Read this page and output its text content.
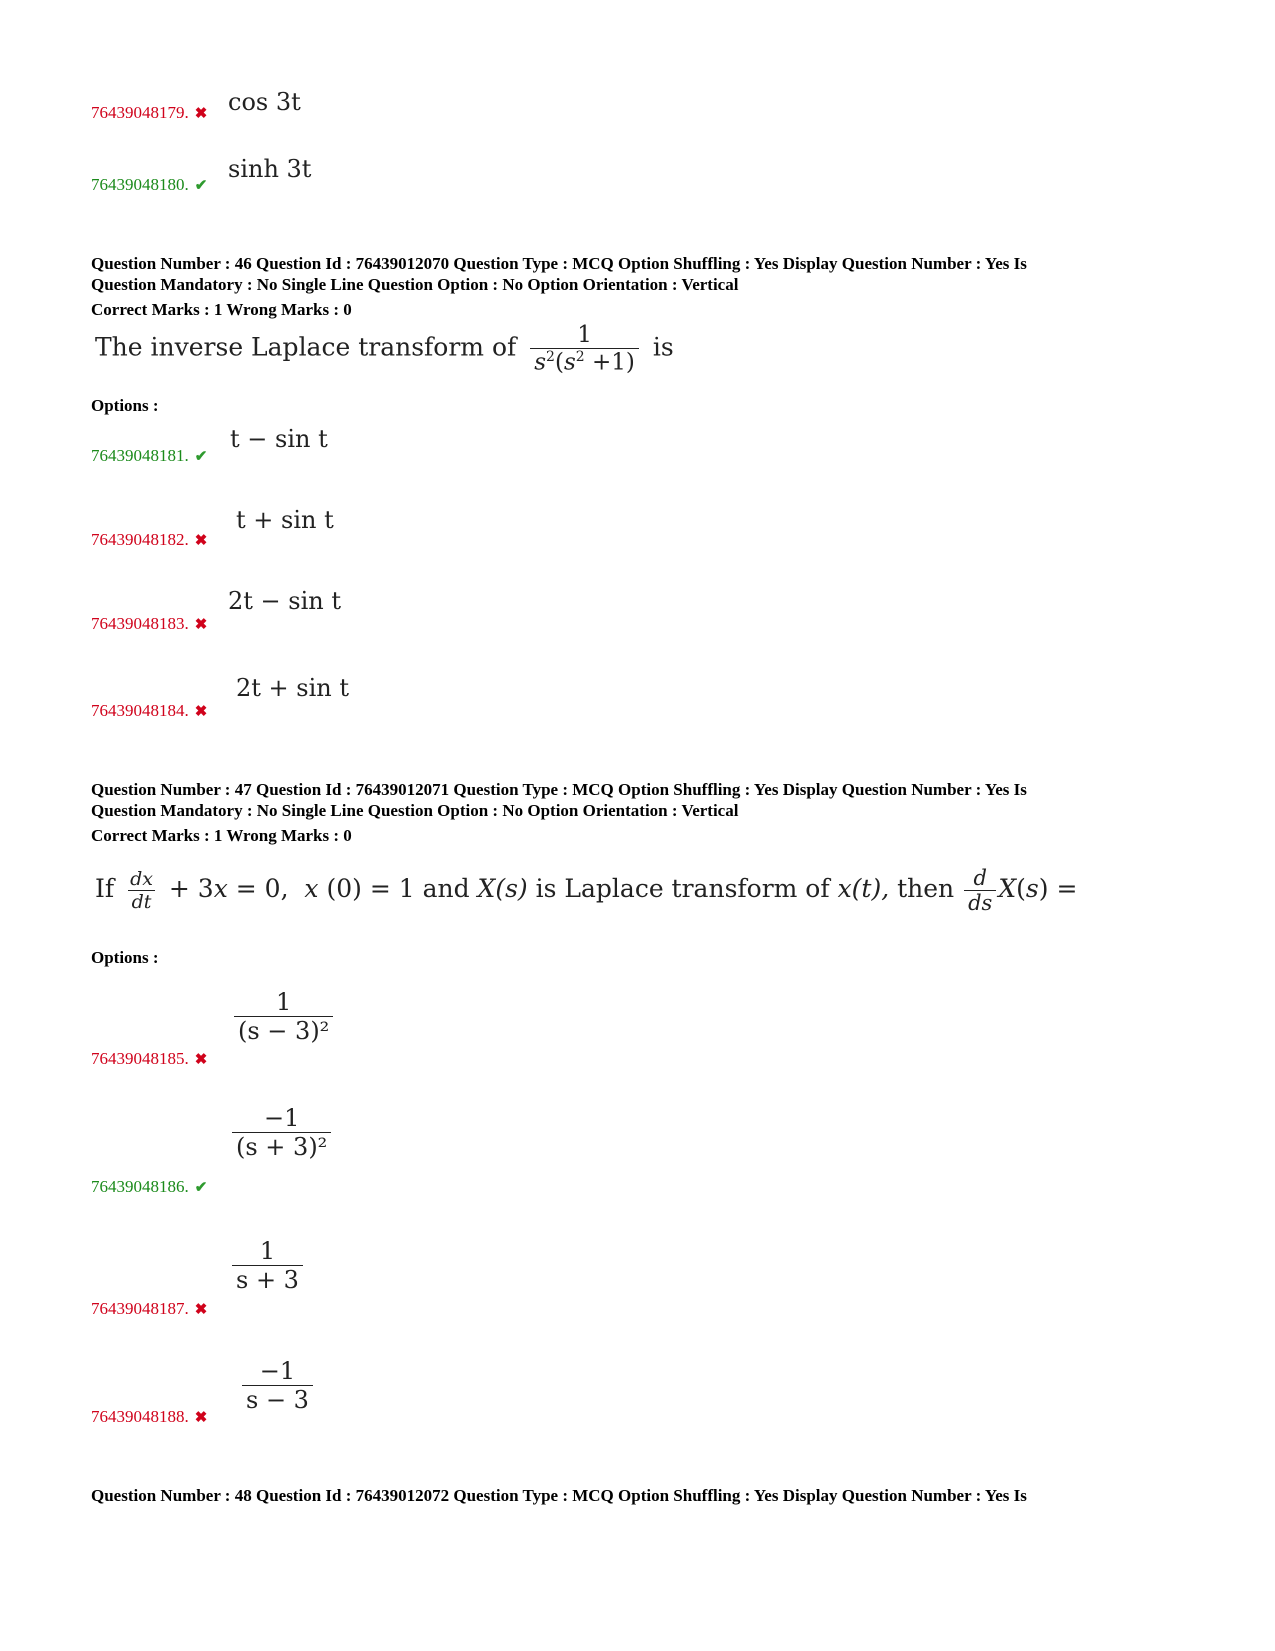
76439048179. ✖ cos 3t
76439048180. ✔
sinh 3t
Question Number : 46 Question Id : 76439012070 Question Type : MCQ Option Shuffling : Yes Display Question Number : Yes Is
Question Mandatory : No Single Line Question Option : No Option Orientation : Vertical
Correct Marks : 1 Wrong Marks : 0
The inverse Laplace transform of $\frac{1}{s^2(s^2 +1)}$ is
Options :
76439048181. ✔
t − sin t
76439048182. ✖
t + sin t
76439048183. ✖
2t − sin t
76439048184. ✖
2t + sin t
Question Number : 47 Question Id : 76439012071 Question Type : MCQ Option Shuffling : Yes Display Question Number : Yes Is
Question Mandatory : No Single Line Question Option : No Option Orientation : Vertical
Correct Marks : 1 Wrong Marks : 0
If $\frac{dx}{dt} + 3x = 0$,  x (0) = 1 and X(s) is Laplace transform of x(t), then $\frac{d}{ds} X(s)$ =
Options :
76439048185. ✖
$\frac{1}{\text{(s − 3)²}}$
76439048186. ✔
$\frac{-1}{\text{(s + 3)²}}$
76439048187. ✖
$\frac{1}{s + 3}$
76439048188. ✖
$\frac{-1}{s - 3}$
Question Number : 48 Question Id : 76439012072 Question Type : MCQ Option Shuffling : Yes Display Question Number : Yes Is
